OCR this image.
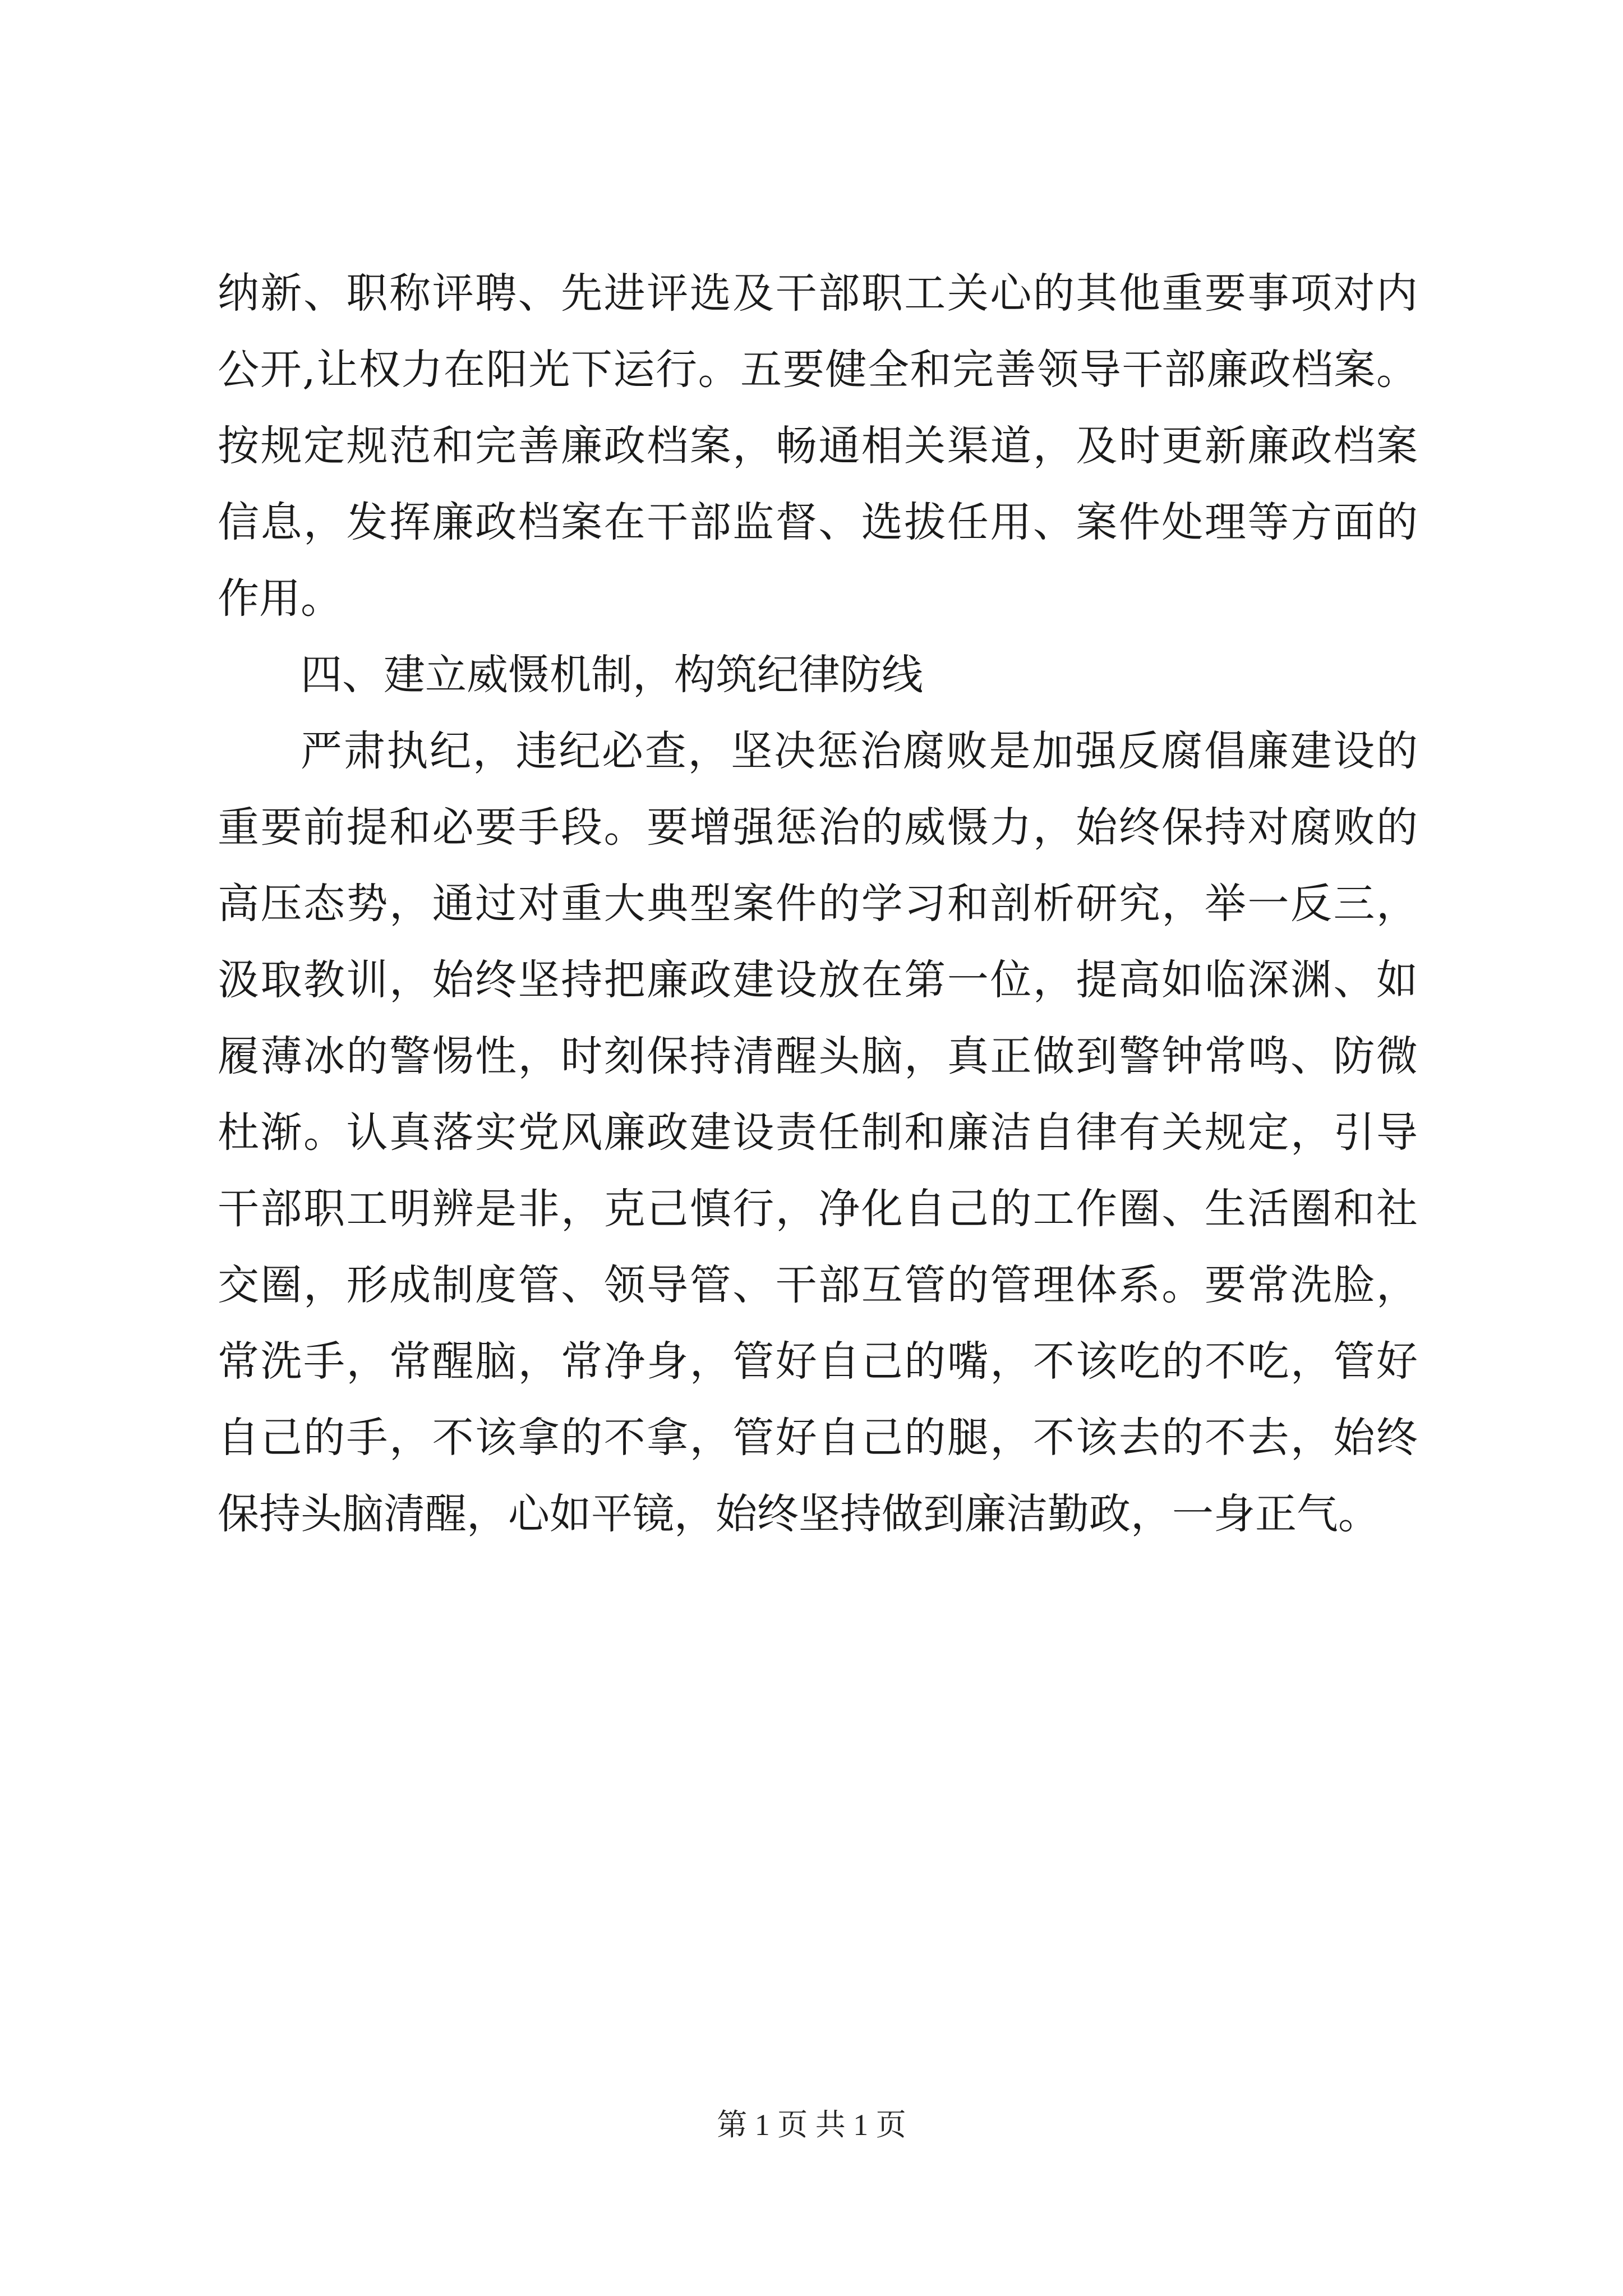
纳新、职称评聘、先进评选及干部职工关心的其他重要事项对内
公开,让权力在阳光下运行。五要健全和完善领导干部廉政档案。
按规定规范和完善廉政档案，畅通相关渠道，及时更新廉政档案
信息，发挥廉政档案在干部监督、选拔任用、案件处理等方面的
作用。
四、建立威慑机制，构筑纪律防线
严肃执纪，违纪必查，坚决惩治腐败是加强反腐倡廉建设的
重要前提和必要手段。要增强惩治的威慑力，始终保持对腐败的
高压态势，通过对重大典型案件的学习和剖析研究，举一反三，
汲取教训，始终坚持把廉政建设放在第一位，提高如临深渊、如
履薄冰的警惕性，时刻保持清醒头脑，真正做到警钟常鸣、防微
杜渐。认真落实党风廉政建设责任制和廉洁自律有关规定，引导
干部职工明辨是非，克己慎行，净化自己的工作圈、生活圈和社
交圈，形成制度管、领导管、干部互管的管理体系。要常洗脸，
常洗手，常醒脑，常净身，管好自己的嘴，不该吃的不吃，管好
自己的手，不该拿的不拿，管好自己的腿，不该去的不去，始终
保持头脑清醒，心如平镜，始终坚持做到廉洁勤政，一身正气。
第 1 页 共 1 页
